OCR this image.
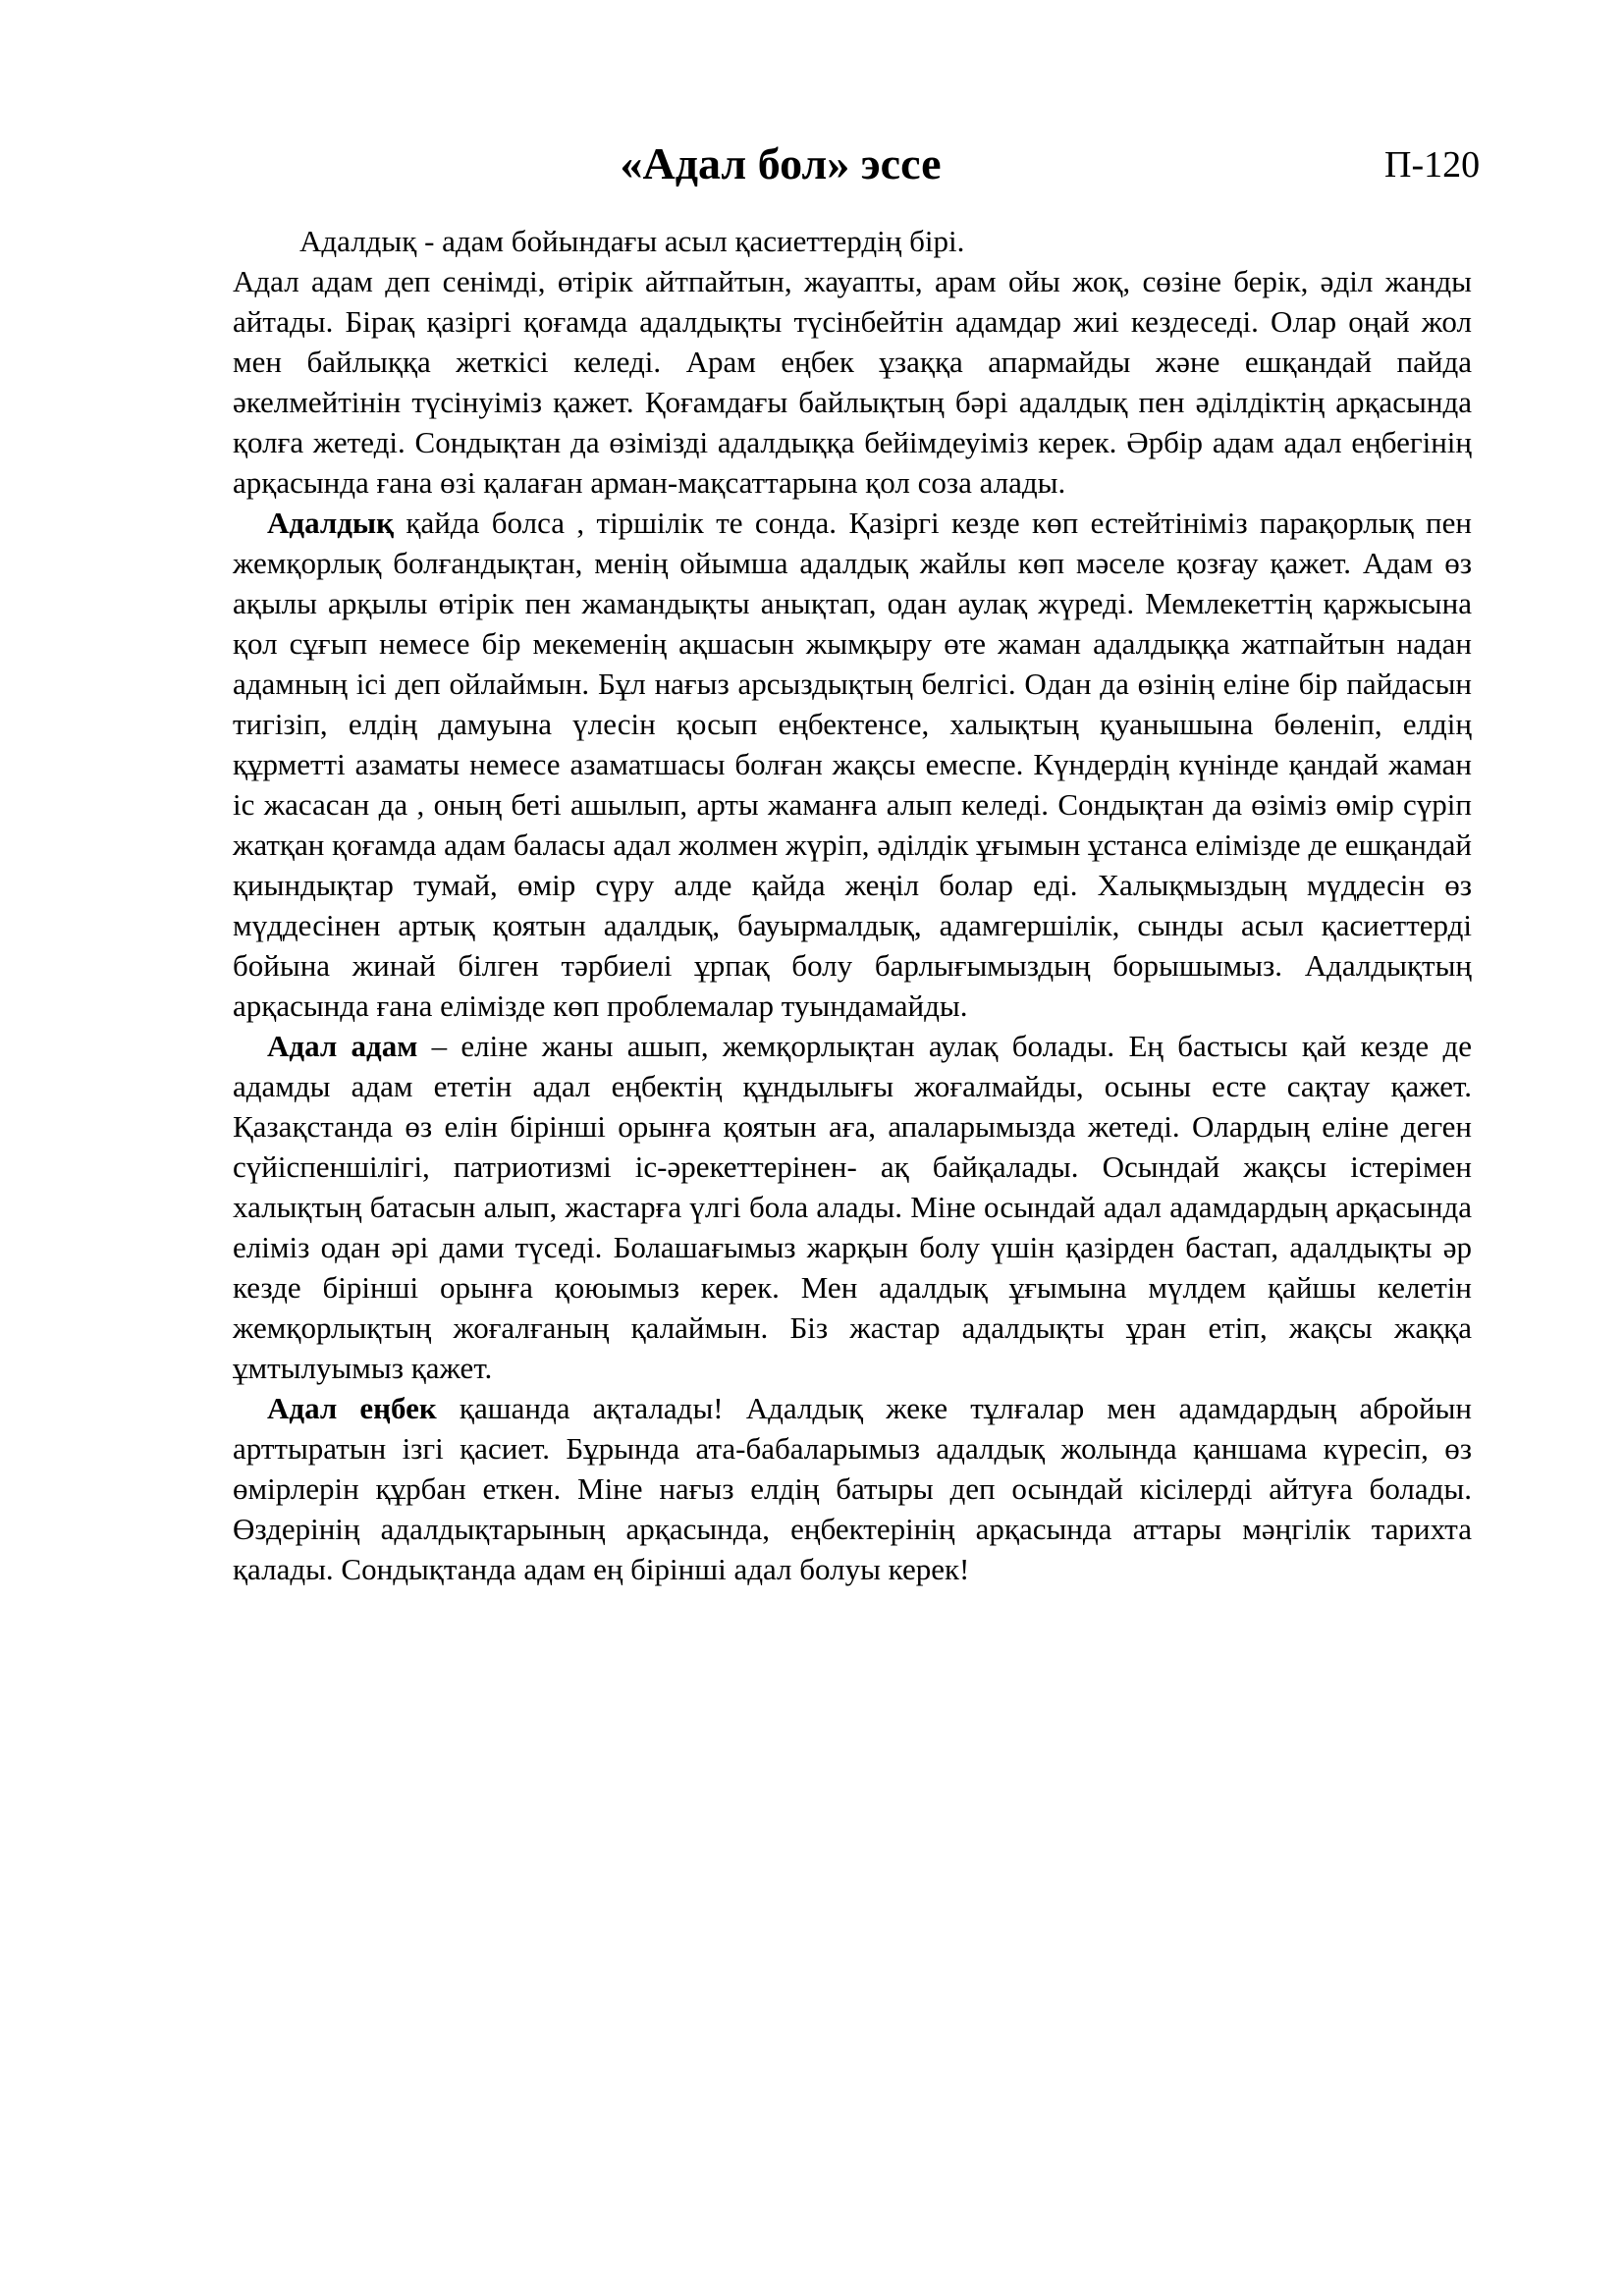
«Адал бол» эссе	П-120

Адалдық - адам бойындағы асыл қасиеттердің бірі.

Адал адам деп сенімді, өтірік айтпайтын, жауапты, арам ойы жоқ, сөзіне берік, әділ жанды айтады. Бірақ қазіргі қоғамда адалдықты түсінбейтін адамдар жиі кездеседі. Олар оңай жол мен байлыққа жеткісі келеді. Арам еңбек ұзаққа апармайды және ешқандай пайда әкелмейтінін түсінуіміз қажет. Қоғамдағы байлықтың бәрі адалдық пен әділдіктің арқасында қолға жетеді. Сондықтан да өзімізді адалдыққа бейімдеуіміз керек. Әрбір адам адал еңбегінің арқасында ғана өзі қалаған арман-мақсаттарына қол соза алады.

Адалдық қайда болса , тіршілік те сонда. Қазіргі кезде көп естейтініміз парақорлық пен жемқорлық болғандықтан, менің ойымша адалдық жайлы көп мәселе қозғау қажет. Адам өз ақылы арқылы өтірік пен жамандықты анықтап, одан аулақ жүреді. Мемлекеттің қаржысына қол сұғып немесе бір мекеменің ақшасын жымқыру өте жаман адалдыққа жатпайтын надан адамның ісі деп ойлаймын. Бұл нағыз арсыздықтың белгісі. Одан да өзінің еліне бір пайдасын тигізіп, елдің дамуына үлесін қосып еңбектенсе, халықтың қуанышына бөленіп, елдің құрметті азаматы немесе азаматшасы болған жақсы емеспе. Күндердің күнінде қандай жаман іс жасасан да , оның беті ашылып, арты жаманға алып келеді. Сондықтан да өзіміз өмір сүріп жатқан қоғамда адам баласы адал жолмен жүріп, әділдік ұғымын ұстанса елімізде де ешқандай қиындықтар тумай, өмір сүру алде қайда жеңіл болар еді. Халықмыздың мүддесін өз мүддесінен артық қоятын адалдық, бауырмалдық, адамгершілік, сынды асыл қасиеттерді бойына жинай білген тәрбиелі ұрпақ болу барлығымыздың борышымыз. Адалдықтың арқасында ғана елімізде көп проблемалар туындамайды.

Адал адам – еліне жаны ашып, жемқорлықтан аулақ болады. Ең бастысы қай кезде де адамды адам ететін адал еңбектің құндылығы жоғалмайды, осыны есте сақтау қажет. Қазақстанда өз елін бірінші орынға қоятын аға, апаларымызда жетеді. Олардың еліне деген сүйіспеншілігі, патриотизмі іс-әрекеттерінен- ақ байқалады. Осындай жақсы істерімен халықтың батасын алып, жастарға үлгі бола алады. Міне осындай адал адамдардың арқасында еліміз одан әрі дами түседі. Болашағымыз жарқын болу үшін қазірден бастап, адалдықты әр кезде бірінші орынға қоюымыз керек. Мен адалдық ұғымына мүлдем қайшы келетін жемқорлықтың жоғалғаның қалаймын. Біз жастар адалдықты ұран етіп, жақсы жаққа ұмтылуымыз қажет.

Адал еңбек қашанда ақталады! Адалдық жеке тұлғалар мен адамдардың абройын арттыратын ізгі қасиет. Бұрында ата-бабаларымыз адалдық жолында қаншама күресіп, өз өмірлерін құрбан еткен. Міне нағыз елдің батыры деп осындай кісілерді айтуға болады. Өздерінің адалдықтарының арқасында, еңбектерінің арқасында аттары мәңгілік тарихта қалады. Сондықтанда адам ең бірінші адал болуы керек!
